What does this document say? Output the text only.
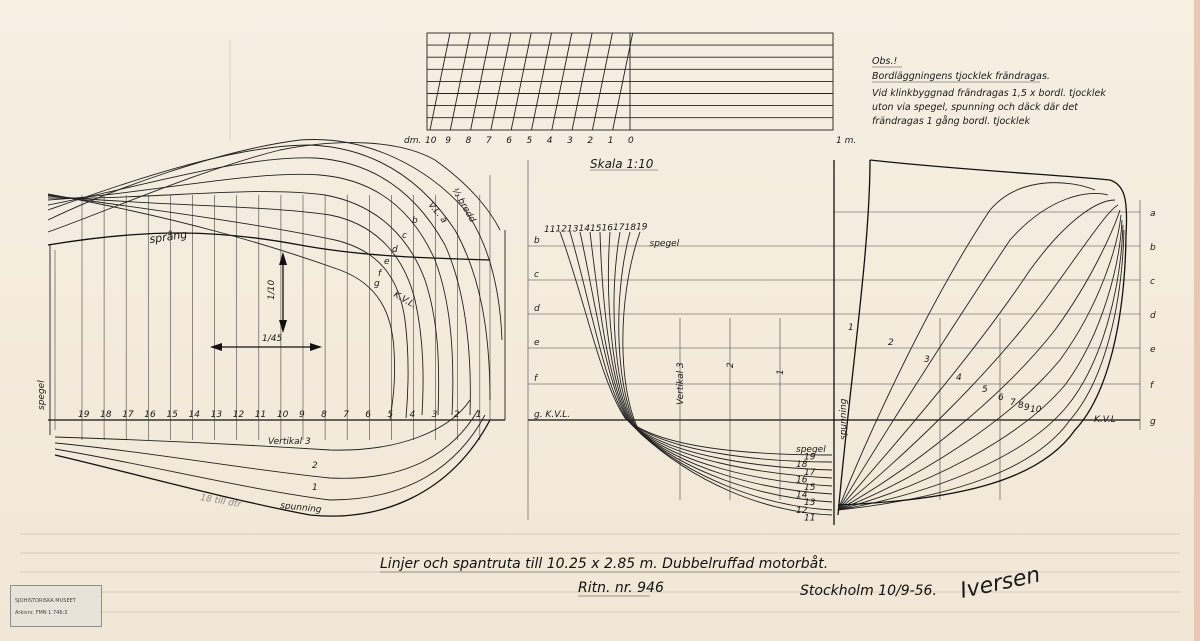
dm. 10 9 8 7 6 5 4 3 2 1 0	1 m.
Skala 1:10
Obs.!
Bordläggningens tjocklek frändragas.
Vid klinkbyggnad frändragas 1,5 x bordl. tjocklek
uton via spegel, spunning och däck där det
frändragas 1 gång bordl. tjocklek
19 18 17 16 15 14 13 12 11 10 9 8 7 6 5 4 3 2 1
språng
spegel
½ bredd
V.L. a
b
c
d
e
f
g
K.V.L.
Vertikal 3
2
1
spunning
18 till dtr
1/10
1/45
a
b
c
d
e
f
g
b
c
d
e
f
g. K.V.L.	K.V.L
11 12 13 14 15 16 17 18 19
spegel
1
2
3
4
5
6 7 8 9 10
Vertikal 3	2
1
spunning
spegel
19
18
17
16
15
14
13
12
11
Linjer och spantruta till 10.25 x 2.85 m. Dubbelruffad motorbåt.
Ritn. nr. 946	Stockholm 10/9-56. Iversen
SJÖHISTORISKA MUSEET
Arkivnr. FMN 1 746:3
